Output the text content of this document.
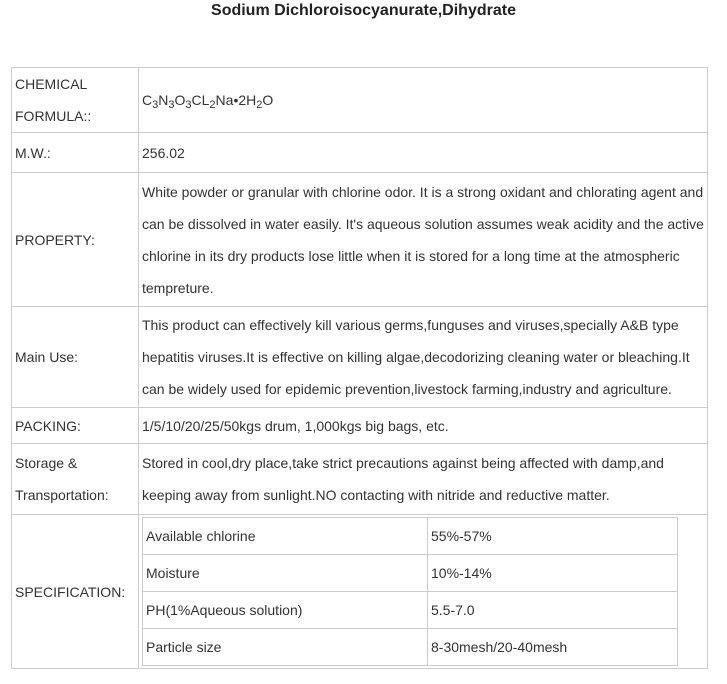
Sodium Dichloroisocyanurate,Dihydrate
CHEMICAL
FORMULA::	$C_3N_3O_3CL_2Na•2H_2O$
M.W.:	256.02
PROPERTY:	White powder or granular with chlorine odor. It is a strong oxidant and chlorating agent and can be dissolved in water easily. It's aqueous solution assumes weak acidity and the active chlorine in its dry products lose little when it is stored for a long time at the atmospheric tempreture.
Main Use:	This product can effectively kill various germs,funguses and viruses,specially A&B type hepatitis viruses.It is effective on killing algae,decodorizing cleaning water or bleaching.It can be widely used for epidemic prevention,livestock farming,industry and agriculture.
PACKING:	1/5/10/20/25/50kgs drum, 1,000kgs big bags, etc.
Storage & Transportation:	Stored in cool,dry place,take strict precautions against being affected with damp,and keeping away from sunlight.NO contacting with nitride and reductive matter.
SPECIFICATION:	
Available chlorine	55%-57%
Moisture	10%-14%
PH(1%Aqueous solution)	5.5-7.0
Particle size	8-30mesh/20-40mesh
